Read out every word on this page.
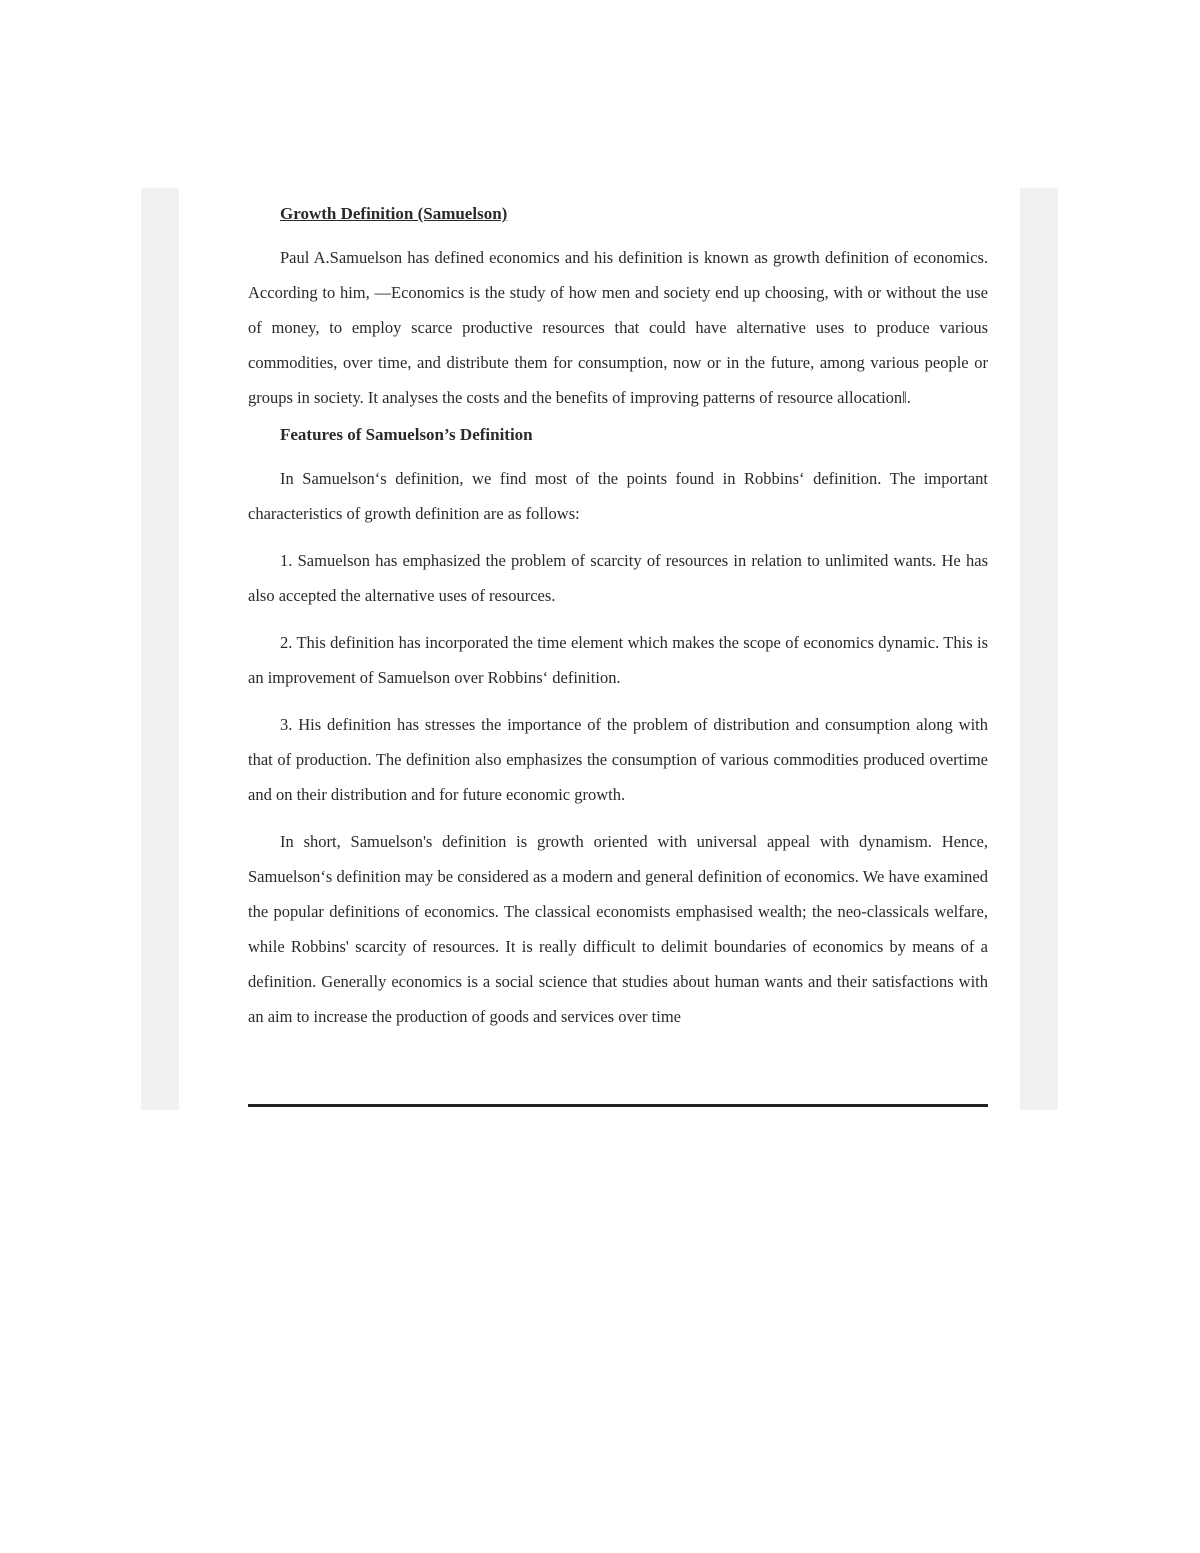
Growth Definition (Samuelson)

Paul A.Samuelson has defined economics and his definition is known as growth definition of economics. According to him, —Economics is the study of how men and society end up choosing, with or without the use of money, to employ scarce productive resources that could have alternative uses to produce various commodities, over time, and distribute them for consumption, now or in the future, among various people or groups in society. It analyses the costs and the benefits of improving patterns of resource allocation‖.

Features of Samuelson’s Definition

In Samuelson‘s definition, we find most of the points found in Robbins‘ definition. The important characteristics of growth definition are as follows:

1. Samuelson has emphasized the problem of scarcity of resources in relation to unlimited wants. He has also accepted the alternative uses of resources.

2. This definition has incorporated the time element which makes the scope of economics dynamic. This is an improvement of Samuelson over Robbins‘ definition.

3. His definition has stresses the importance of the problem of distribution and consumption along with that of production. The definition also emphasizes the consumption of various commodities produced overtime and on their distribution and for future economic growth.

In short, Samuelson's definition is growth oriented with universal appeal with dynamism. Hence, Samuelson‘s definition may be considered as a modern and general definition of economics. We have examined the popular definitions of economics. The classical economists emphasised wealth; the neo-classicals welfare, while Robbins' scarcity of resources. It is really difficult to delimit boundaries of economics by means of a definition. Generally economics is a social science that studies about human wants and their satisfactions with an aim to increase the production of goods and services over time
